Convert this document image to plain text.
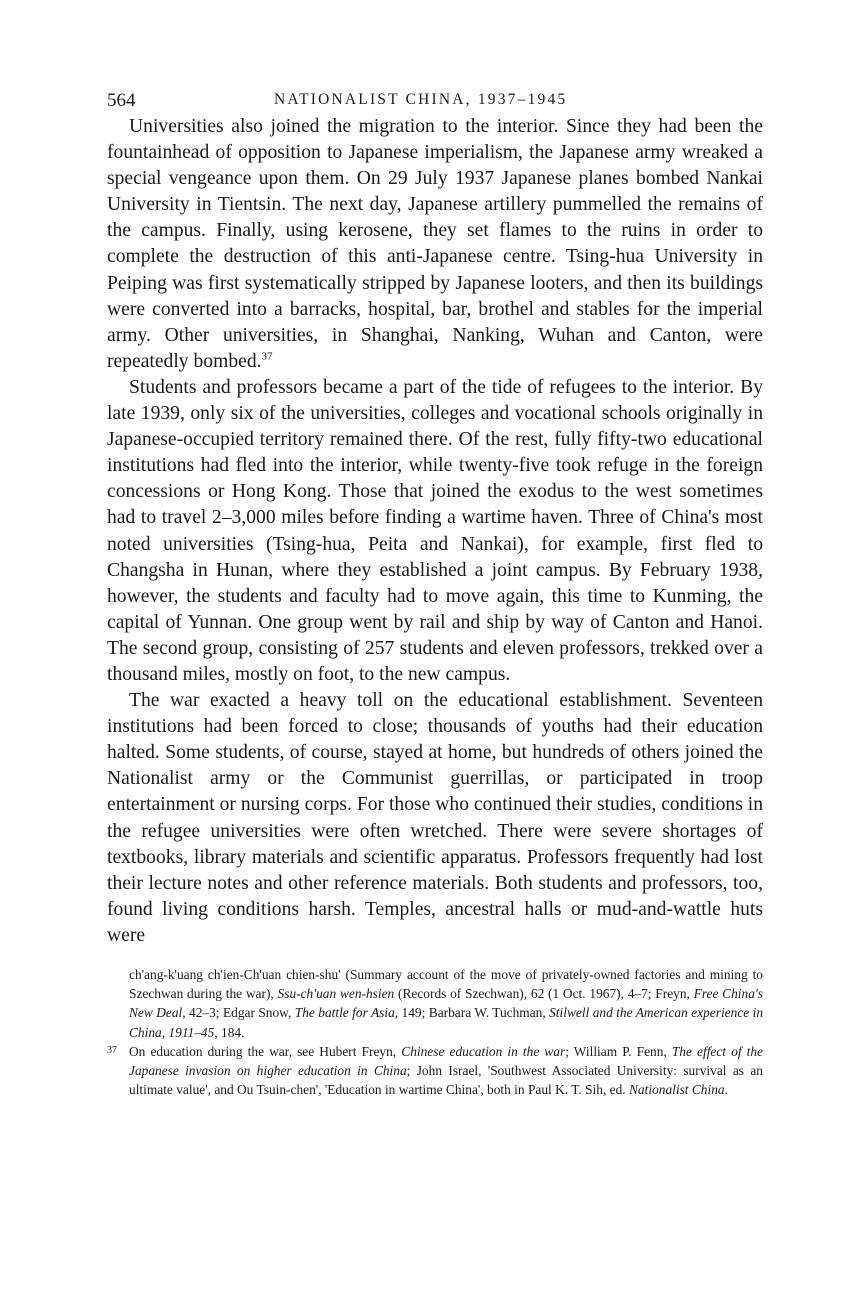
564	NATIONALIST CHINA, 1937–1945

Universities also joined the migration to the interior. Since they had been the fountainhead of opposition to Japanese imperialism, the Japanese army wreaked a special vengeance upon them. On 29 July 1937 Japanese planes bombed Nankai University in Tientsin. The next day, Japanese artillery pummelled the remains of the campus. Finally, using kerosene, they set flames to the ruins in order to complete the destruction of this anti-Japanese centre. Tsing-hua University in Peiping was first systematically stripped by Japanese looters, and then its buildings were converted into a barracks, hospital, bar, brothel and stables for the imperial army. Other universities, in Shanghai, Nanking, Wuhan and Canton, were repeatedly bombed.$^{37}$

Students and professors became a part of the tide of refugees to the interior. By late 1939, only six of the universities, colleges and vocational schools originally in Japanese-occupied territory remained there. Of the rest, fully fifty-two educational institutions had fled into the interior, while twenty-five took refuge in the foreign concessions or Hong Kong. Those that joined the exodus to the west sometimes had to travel 2–3,000 miles before finding a wartime haven. Three of China's most noted universities (Tsing-hua, Peita and Nankai), for example, first fled to Changsha in Hunan, where they established a joint campus. By February 1938, however, the students and faculty had to move again, this time to Kunming, the capital of Yunnan. One group went by rail and ship by way of Canton and Hanoi. The second group, consisting of 257 students and eleven professors, trekked over a thousand miles, mostly on foot, to the new campus.

The war exacted a heavy toll on the educational establishment. Seventeen institutions had been forced to close; thousands of youths had their education halted. Some students, of course, stayed at home, but hundreds of others joined the Nationalist army or the Communist guerrillas, or participated in troop entertainment or nursing corps. For those who continued their studies, conditions in the refugee universities were often wretched. There were severe shortages of textbooks, library materials and scientific apparatus. Professors frequently had lost their lecture notes and other reference materials. Both students and professors, too, found living conditions harsh. Temples, ancestral halls or mud-and-wattle huts were

ch'ang-k'uang ch'ien-Ch'uan chien-shu' (Summary account of the move of privately-owned factories and mining to Szechwan during the war), Ssu-ch'uan wen-hsien (Records of Szechwan), 62 (1 Oct. 1967), 4–7; Freyn, Free China's New Deal, 42–3; Edgar Snow, The battle for Asia, 149; Barbara W. Tuchman, Stilwell and the American experience in China, 1911–45, 184.

37 On education during the war, see Hubert Freyn, Chinese education in the war; William P. Fenn, The effect of the Japanese invasion on higher education in China; John Israel, 'Southwest Associated University: survival as an ultimate value', and Ou Tsuin-chen', 'Education in wartime China', both in Paul K. T. Sih, ed. Nationalist China.
